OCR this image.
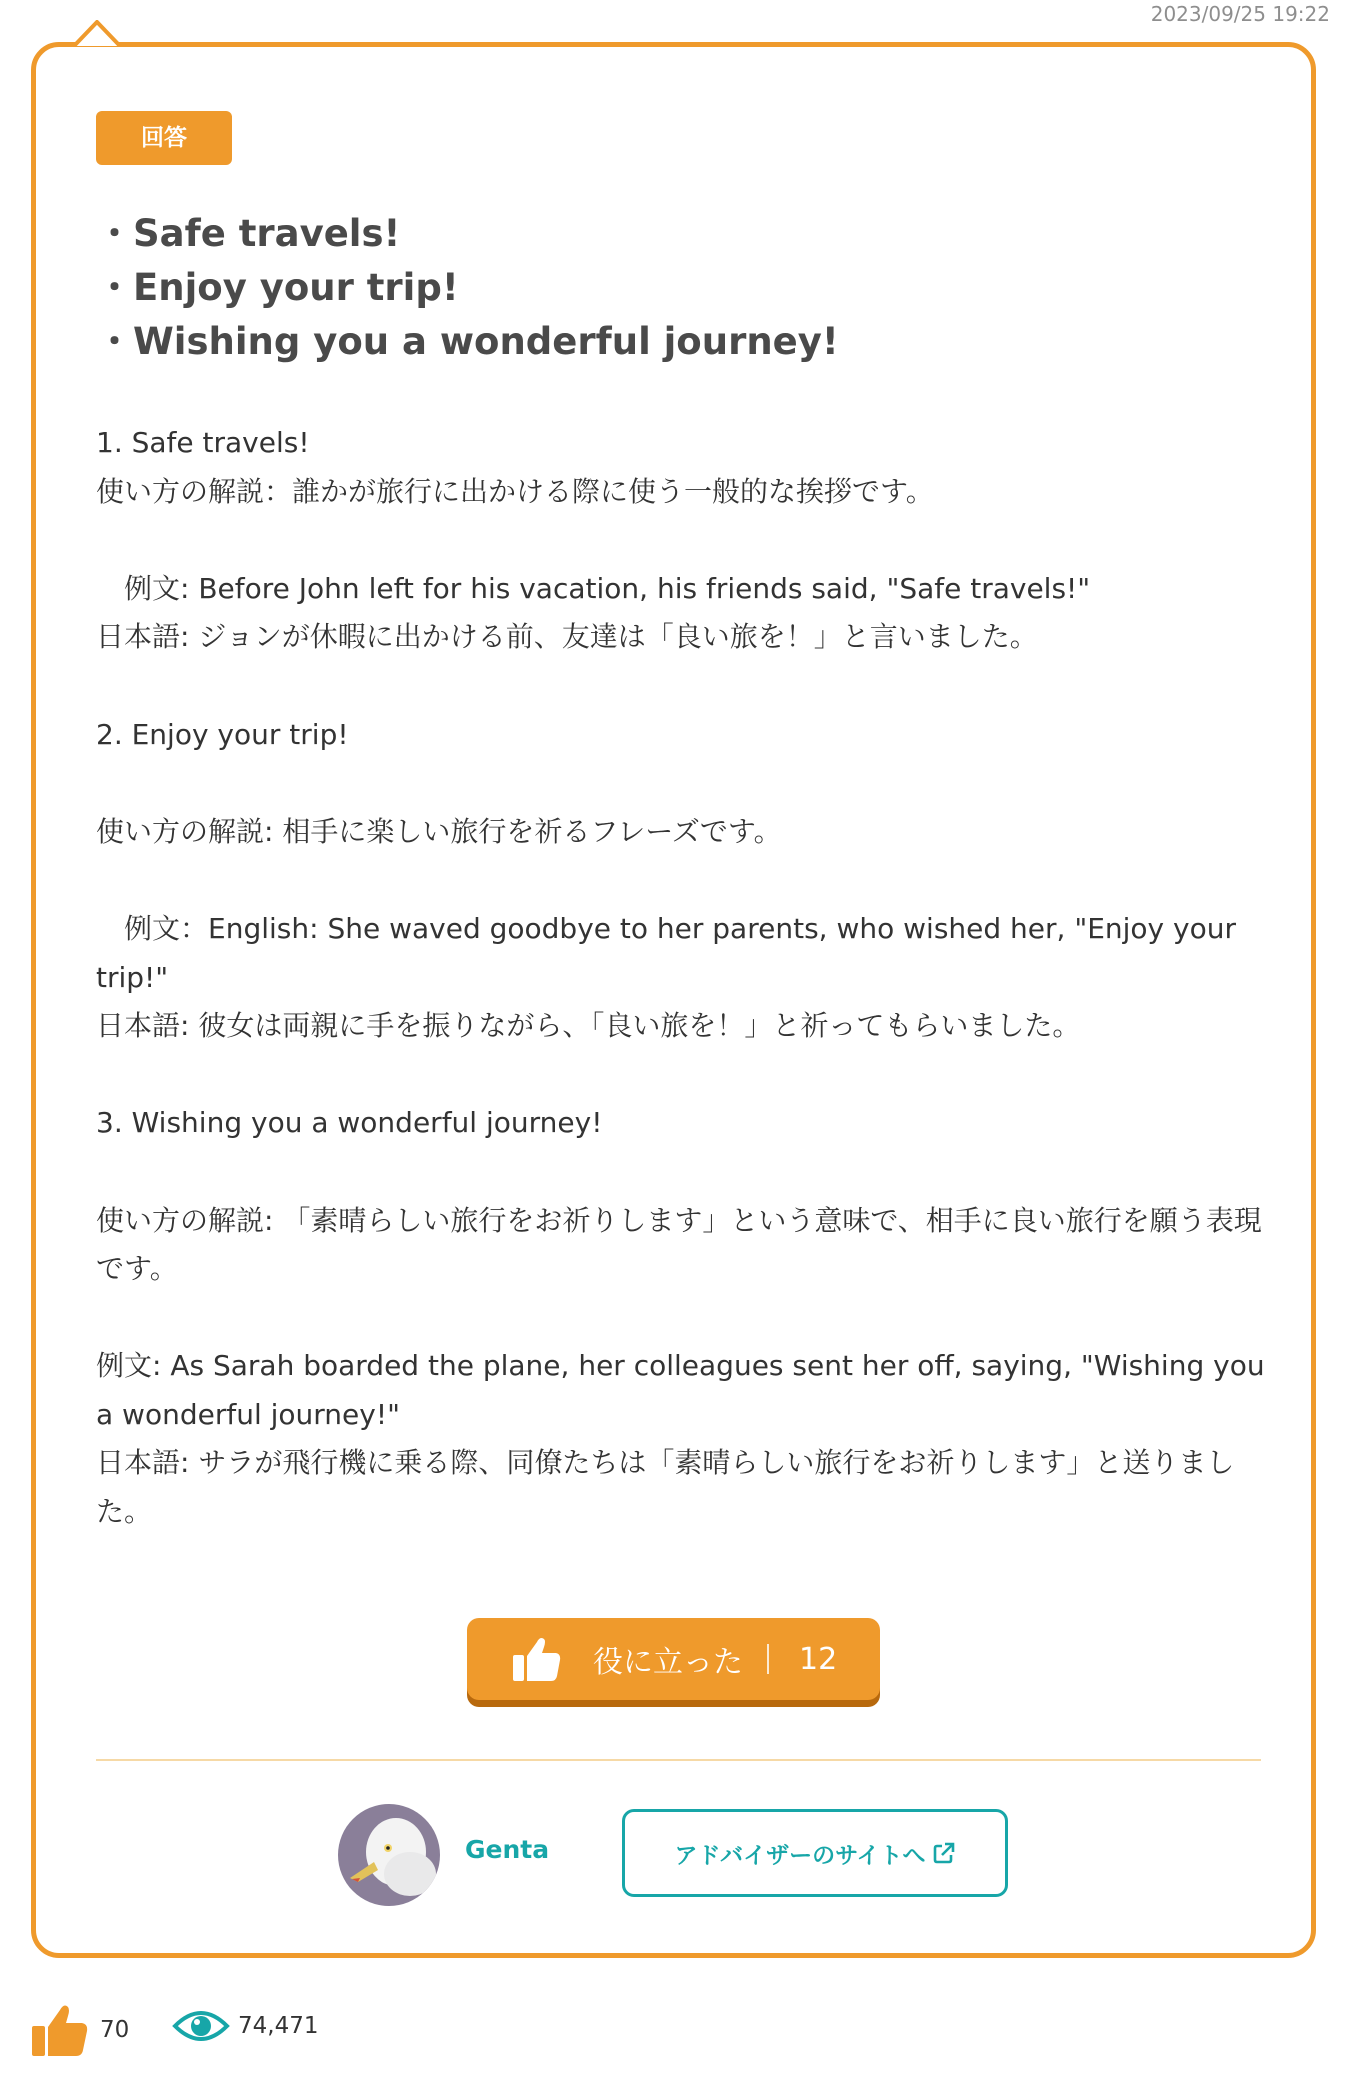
2023/09/25 19:22
回答
・Safe travels!
・Enjoy your trip!
・Wishing you a wonderful journey!
1. Safe travels!
使い方の解説：誰かが旅行に出かける際に使う一般的な挨拶です。
　例文: Before John left for his vacation, his friends said, "Safe travels!"
日本語: ジョンが休暇に出かける前、友達は「良い旅を！」と言いました。
2. Enjoy your trip!
使い方の解説: 相手に楽しい旅行を祈るフレーズです。
　例文：English: She waved goodbye to her parents, who wished her, "Enjoy your trip!"
日本語: 彼女は両親に手を振りながら、「良い旅を！」と祈ってもらいました。
3. Wishing you a wonderful journey!
使い方の解説: 「素晴らしい旅行をお祈りします」という意味で、相手に良い旅行を願う表現です。
例文: As Sarah boarded the plane, her colleagues sent her off, saying, "Wishing you a wonderful journey!"
日本語: サラが飛行機に乗る際、同僚たちは「素晴らしい旅行をお祈りします」と送りました。
役に立った 12
Genta	アドバイザーのサイトへ
70	74,471
